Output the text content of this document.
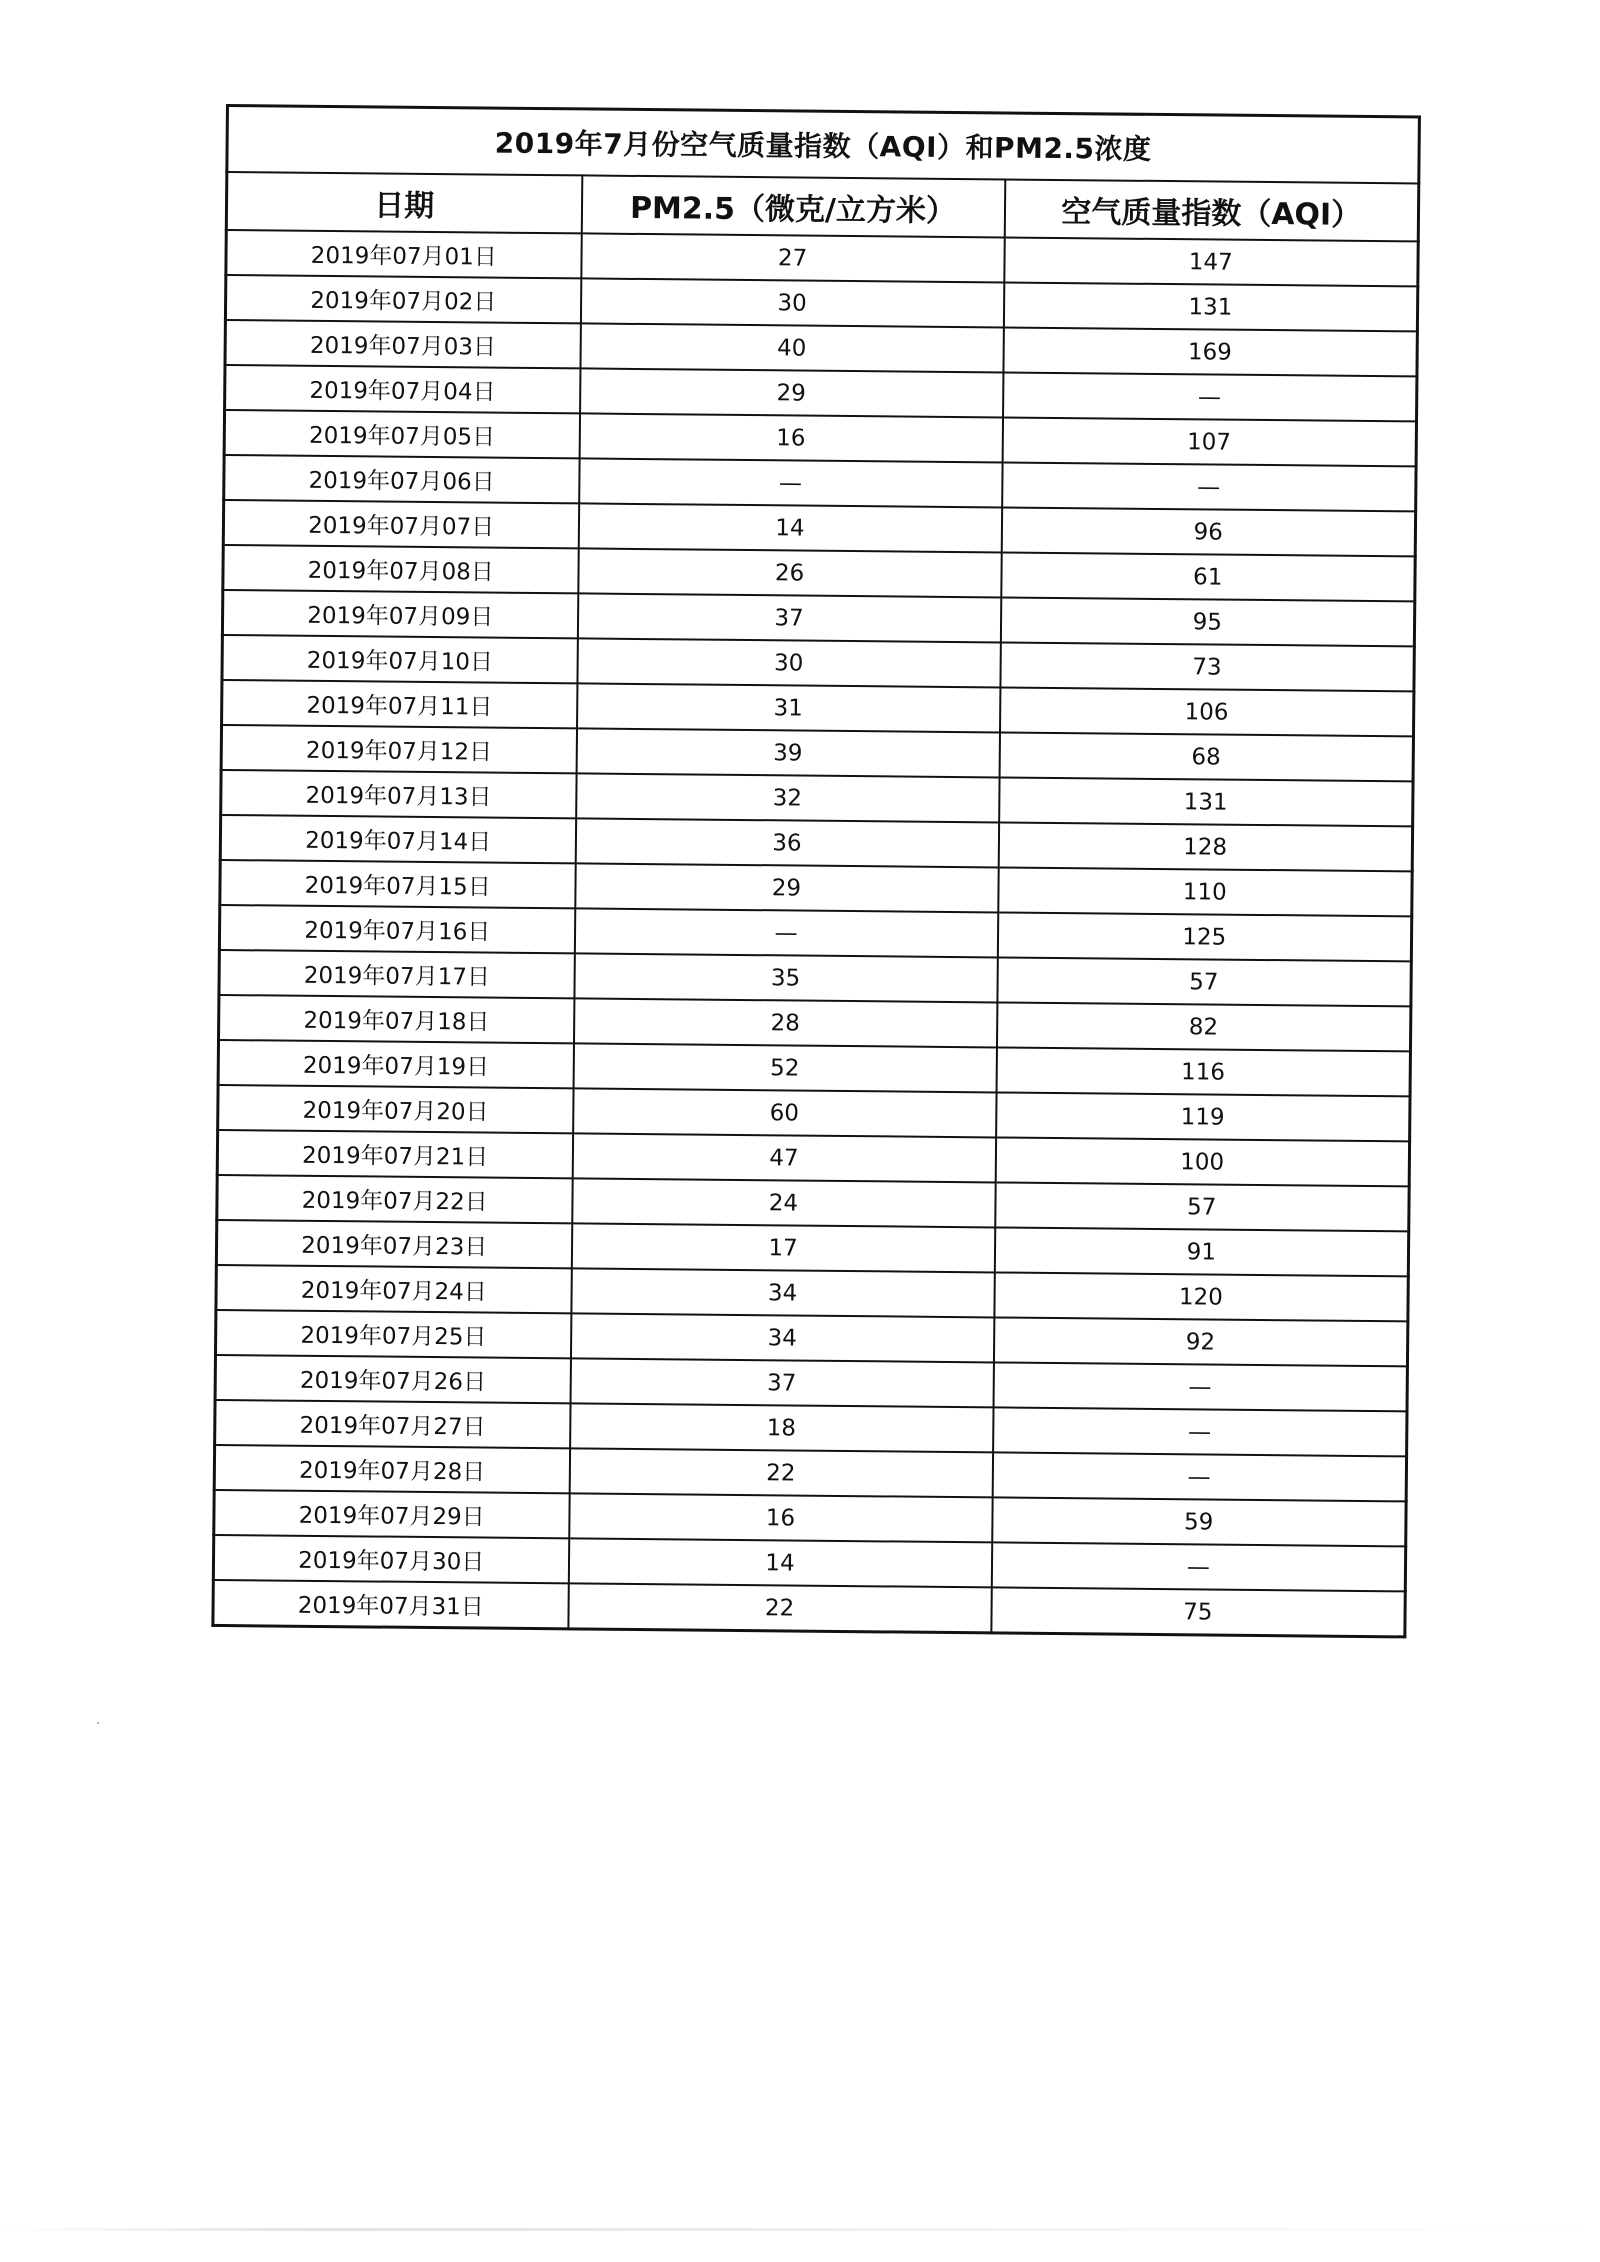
2019年7月份空气质量指数（AQI）和PM2.5浓度		
日期	PM2.5（微克/立方米）	空气质量指数（AQI）
2019年07月01日	27	147
2019年07月02日	30	131
2019年07月03日	40	169
2019年07月04日	29	—
2019年07月05日	16	107
2019年07月06日	—	—
2019年07月07日	14	96
2019年07月08日	26	61
2019年07月09日	37	95
2019年07月10日	30	73
2019年07月11日	31	106
2019年07月12日	39	68
2019年07月13日	32	131
2019年07月14日	36	128
2019年07月15日	29	110
2019年07月16日	—	125
2019年07月17日	35	57
2019年07月18日	28	82
2019年07月19日	52	116
2019年07月20日	60	119
2019年07月21日	47	100
2019年07月22日	24	57
2019年07月23日	17	91
2019年07月24日	34	120
2019年07月25日	34	92
2019年07月26日	37	—
2019年07月27日	18	—
2019年07月28日	22	—
2019年07月29日	16	59
2019年07月30日	14	—
2019年07月31日	22	75
